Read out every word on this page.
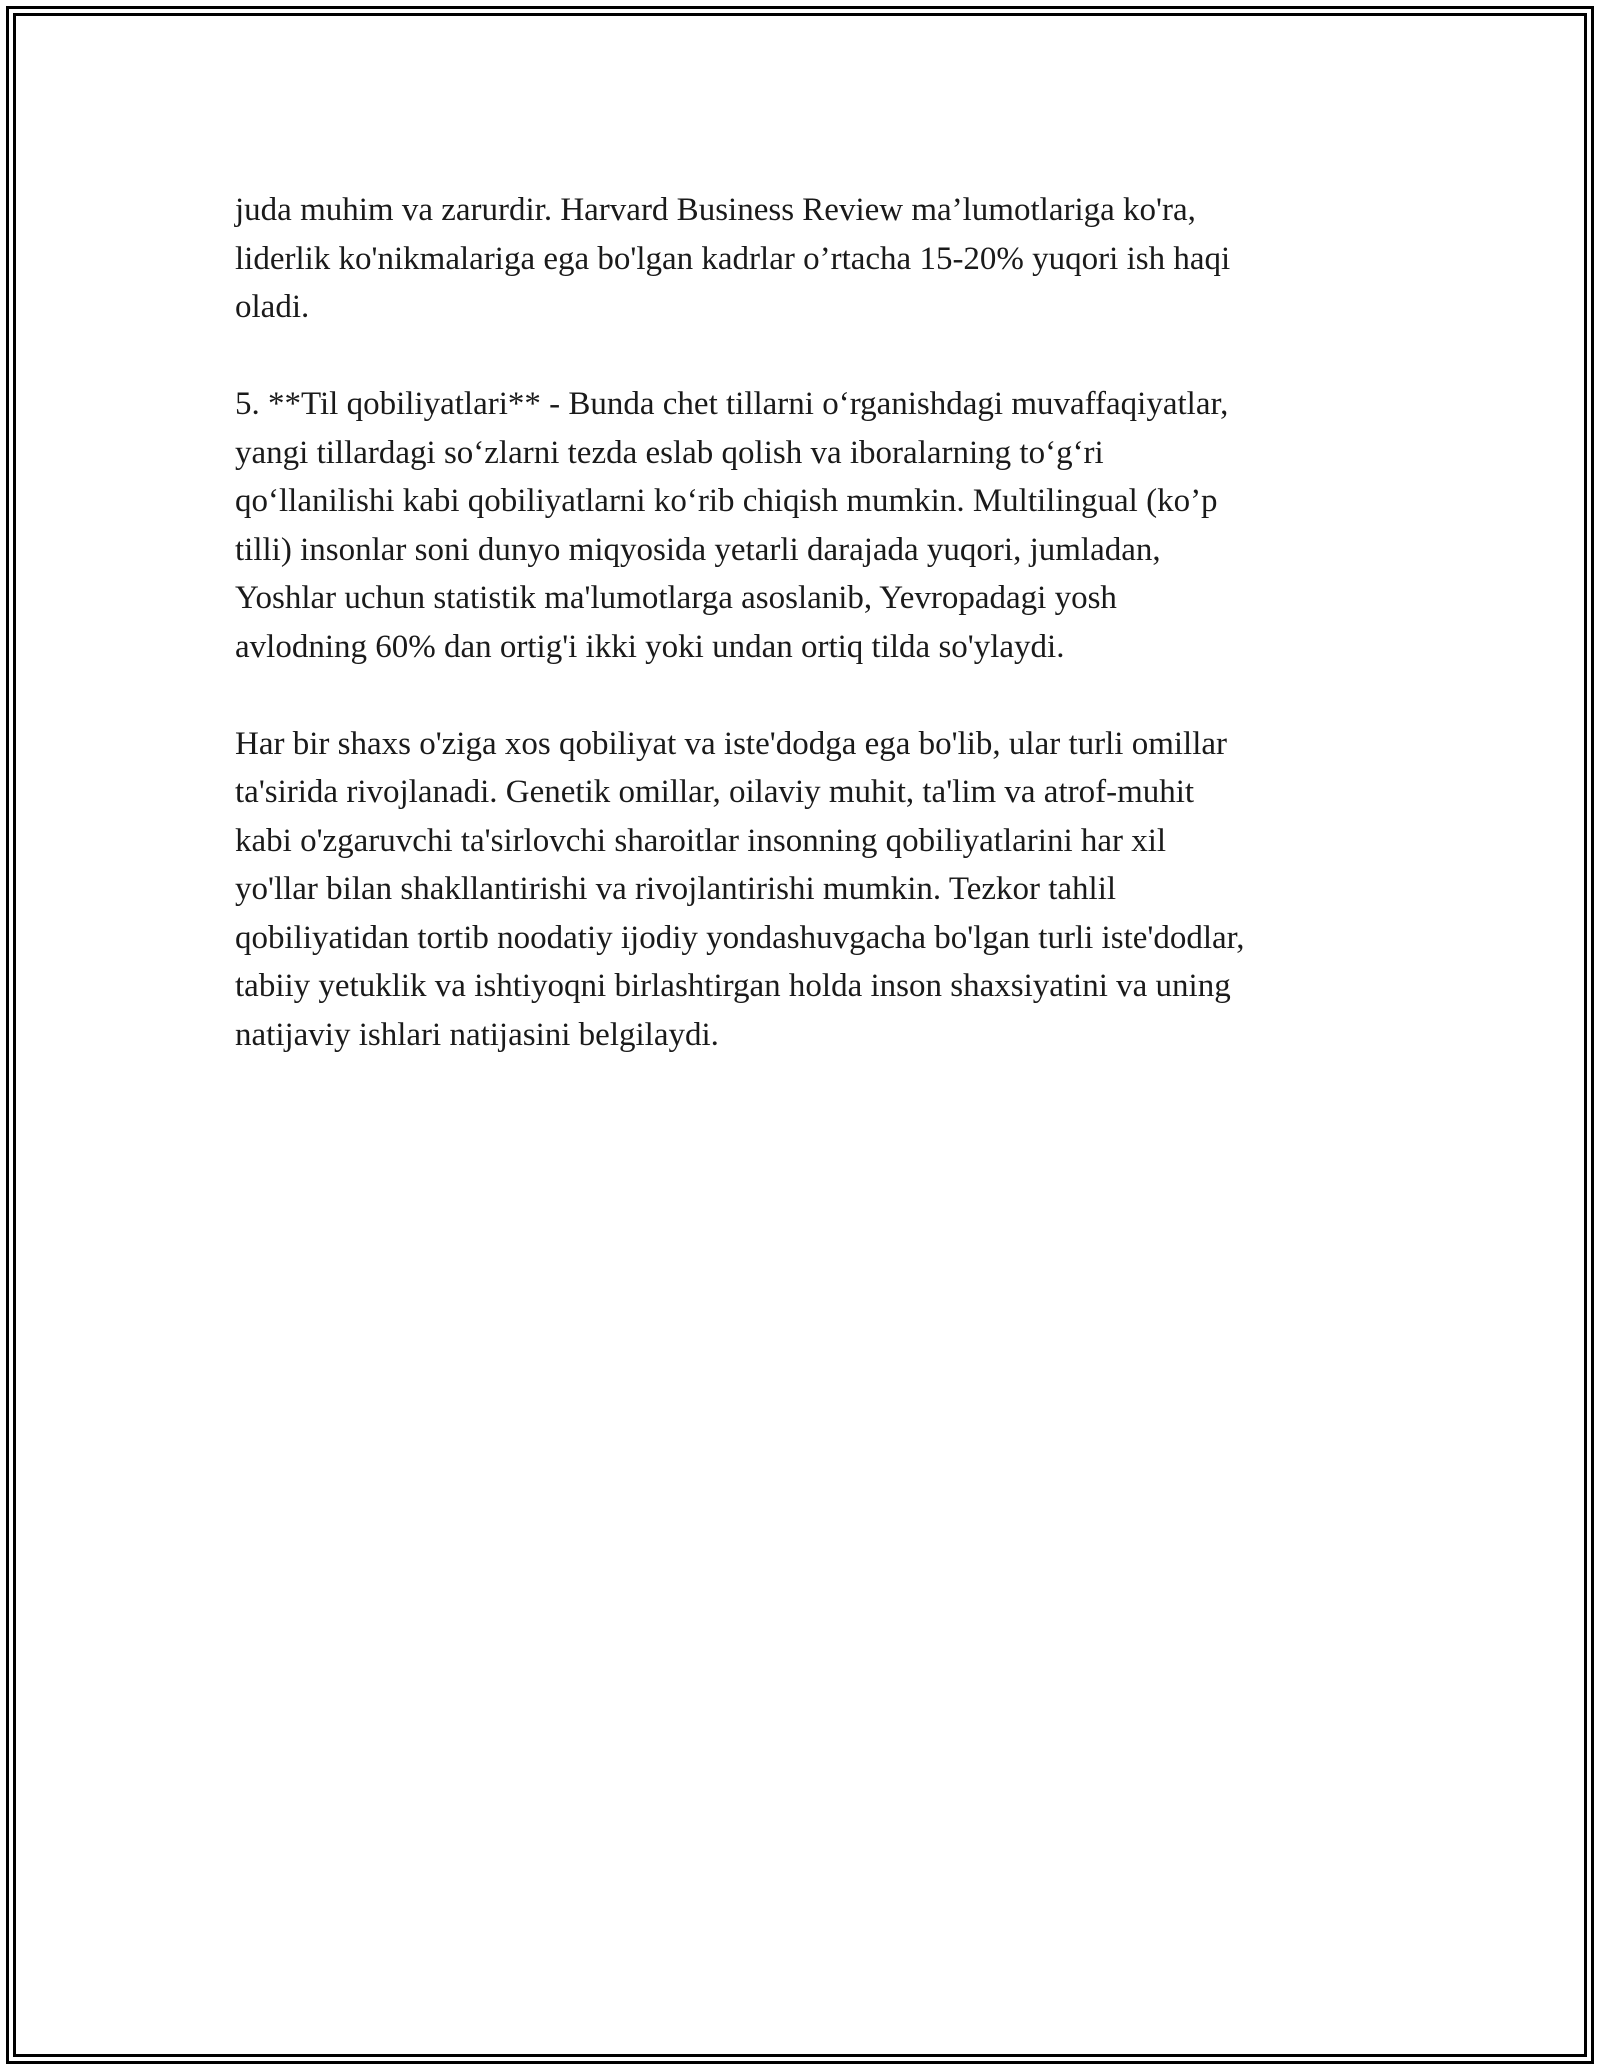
juda muhim va zarurdir. Harvard Business Review ma’lumotlariga ko'ra,
liderlik ko'nikmalariga ega bo'lgan kadrlar o’rtacha 15-20% yuqori ish haqi
oladi.

5. **Til qobiliyatlari** - Bunda chet tillarni o‘rganishdagi muvaffaqiyatlar,
yangi tillardagi so‘zlarni tezda eslab qolish va iboralarning to‘g‘ri
qo‘llanilishi kabi qobiliyatlarni ko‘rib chiqish mumkin. Multilingual (ko’p
tilli) insonlar soni dunyo miqyosida yetarli darajada yuqori, jumladan,
Yoshlar uchun statistik ma'lumotlarga asoslanib, Yevropadagi yosh
avlodning 60% dan ortig'i ikki yoki undan ortiq tilda so'ylaydi.

Har bir shaxs o'ziga xos qobiliyat va iste'dodga ega bo'lib, ular turli omillar
ta'sirida rivojlanadi. Genetik omillar, oilaviy muhit, ta'lim va atrof-muhit
kabi o'zgaruvchi ta'sirlovchi sharoitlar insonning qobiliyatlarini har xil
yo'llar bilan shakllantirishi va rivojlantirishi mumkin. Tezkor tahlil
qobiliyatidan tortib noodatiy ijodiy yondashuvgacha bo'lgan turli iste'dodlar,
tabiiy yetuklik va ishtiyoqni birlashtirgan holda inson shaxsiyatini va uning
natijaviy ishlari natijasini belgilaydi.
